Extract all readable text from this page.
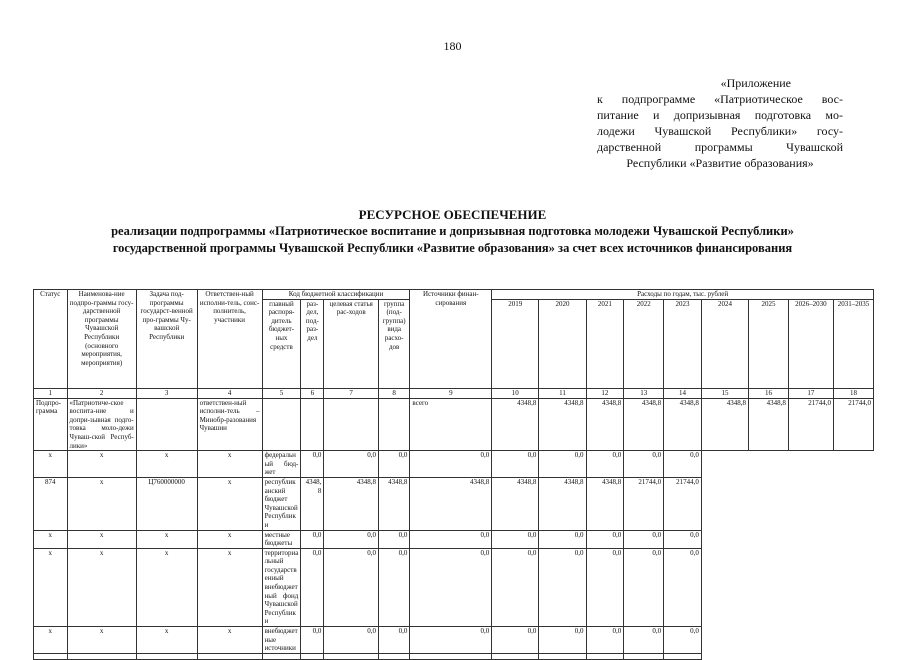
180
«Приложение
к подпрограмме «Патриотическое вос-
питание и допризывная подготовка мо-
лодежи Чувашской Республики» госу-
дарственной программы Чувашской
Республики «Развитие образования»
РЕСУРСНОЕ ОБЕСПЕЧЕНИЕ
реализации подпрограммы «Патриотическое воспитание и допризывная подготовка молодежи Чувашской Республики»
государственной программы Чувашской Республики «Развитие образования» за счет всех источников финансирования
Статус	Наименова-ние подпро-граммы госу-дарственной программы Чувашской Республики (основного мероприятия, мероприятия)	Задача под-программы государст-венной про-граммы Чу-вашской Республики	Ответствен-ный исполни-тель, соис-полнитель, участники	Код бюджетной классификации				Источники финан-сирования	Расходы по годам, тыс. рублей								
				главный распоря-дитель бюджет-ных средств	раз-дел, под-раз-дел	целевая статья рас-ходов	группа (под-группа) вида расхо-дов		2019	2020	2021	2022	2023	2024	2025	2026–2030	2031–2035
1	2	3	4	5	6	7	8	9	10	11	12	13	14	15	16	17	18
Подпро-грамма	«Патриотиче-ское воспита-ние и допри-зывная подго-товка моло-дежи Чуваш-ской Респуб-лики»		ответствен-ный исполни-тель – Минобр-разования Чувашии					всего	4348,8	4348,8	4348,8	4348,8	4348,8	4348,8	4348,8	21744,0	21744,0
x	x	x	x	федеральный бюд-жет	0,0	0,0	0,0	0,0	0,0	0,0	0,0	0,0	0,0				
874	x	Ц760000000	x	республиканский бюджет Чувашской Республики	4348,8	4348,8	4348,8	4348,8	4348,8	4348,8	4348,8	21744,0	21744,0				
x	x	x	x	местные бюджеты	0,0	0,0	0,0	0,0	0,0	0,0	0,0	0,0	0,0				
x	x	x	x	территориальный государственный внебюджетный фонд Чувашской Республики	0,0	0,0	0,0	0,0	0,0	0,0	0,0	0,0	0,0				
x	x	x	x	внебюджетные источники	0,0	0,0	0,0	0,0	0,0	0,0	0,0	0,0	0,0				
